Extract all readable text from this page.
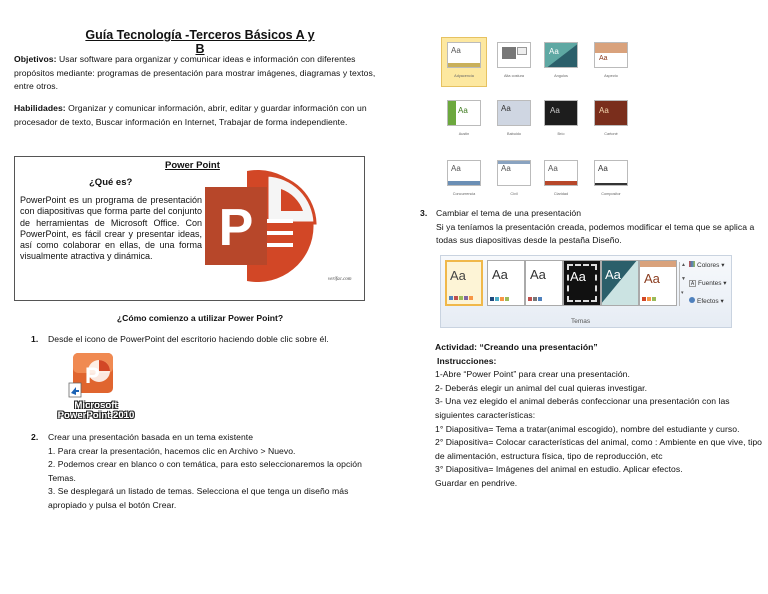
Guía Tecnología -Terceros Básicos A y B
Objetivos: Usar software para organizar y comunicar ideas e información con diferentes propósitos mediante: programas de presentación para mostrar imágenes, diagramas y textos, entre otros.
Habilidades: Organizar y comunicar información, abrir, editar y guardar información con un procesador de texto, Buscar información en Internet, Trabajar de forma independiente.
Power Point
¿Qué es?
PowerPoint es un programa de presentación con diapositivas que forma parte del conjunto de herramientas de Microsoft Office. Con PowerPoint, es fácil crear y presentar ideas, así como colaborar en ellas, de una forma visualmente atractiva y dinámica.	P
verifac.com
¿Cómo comienzo a utilizar Power Point?
1. Desde el icono de PowerPoint del escritorio haciendo doble clic sobre él.
P
Microsoft
PowerPoint 2010
2. Crear una presentación basada en un tema existente
1. Para crear la presentación, hacemos clic en Archivo > Nuevo.
2. Podemos crear en blanco o con temática, para esto seleccionaremos la opción Temas.
3. Se desplegará un listado de temas. Selecciona el que tenga un diseño más apropiado y pulsa el botón Crear.
Aa
Adyacencia	Alta costura
Aa
Angulos
Aa
Aspecto
Aa
Austin
Aa
Babuido
Aa
Brío
Aa
Cartoné
Aa
Concurrencia
Aa
Civil
Aa
Claridad
Aa
Compositor
3. Cambiar el tema de una presentación
Si ya teníamos la presentación creada, podemos modificar el tema que se aplica a todas sus diapositivas desde la pestaña Diseño.
Aa Aa Aa Aa Aa Aa
▲
▼
▾
Colores ▾
A Fuentes ▾
Efectos ▾
Temas
Actividad: “Creando una presentación”
Instrucciones:
1-Abre “Power Point” para crear una presentación.
2- Deberás elegir un animal del cual quieras investigar.
3- Una vez elegido el animal deberás confeccionar una presentación con las siguientes características:
1° Diapositiva= Tema a tratar(animal escogido), nombre del estudiante y curso.
2° Diapositiva= Colocar características del animal, como : Ambiente en que vive, tipo de alimentación, estructura física, tipo de reproducción, etc
3° Diapositiva= Imágenes del animal en estudio. Aplicar efectos.
Guardar en pendrive.
